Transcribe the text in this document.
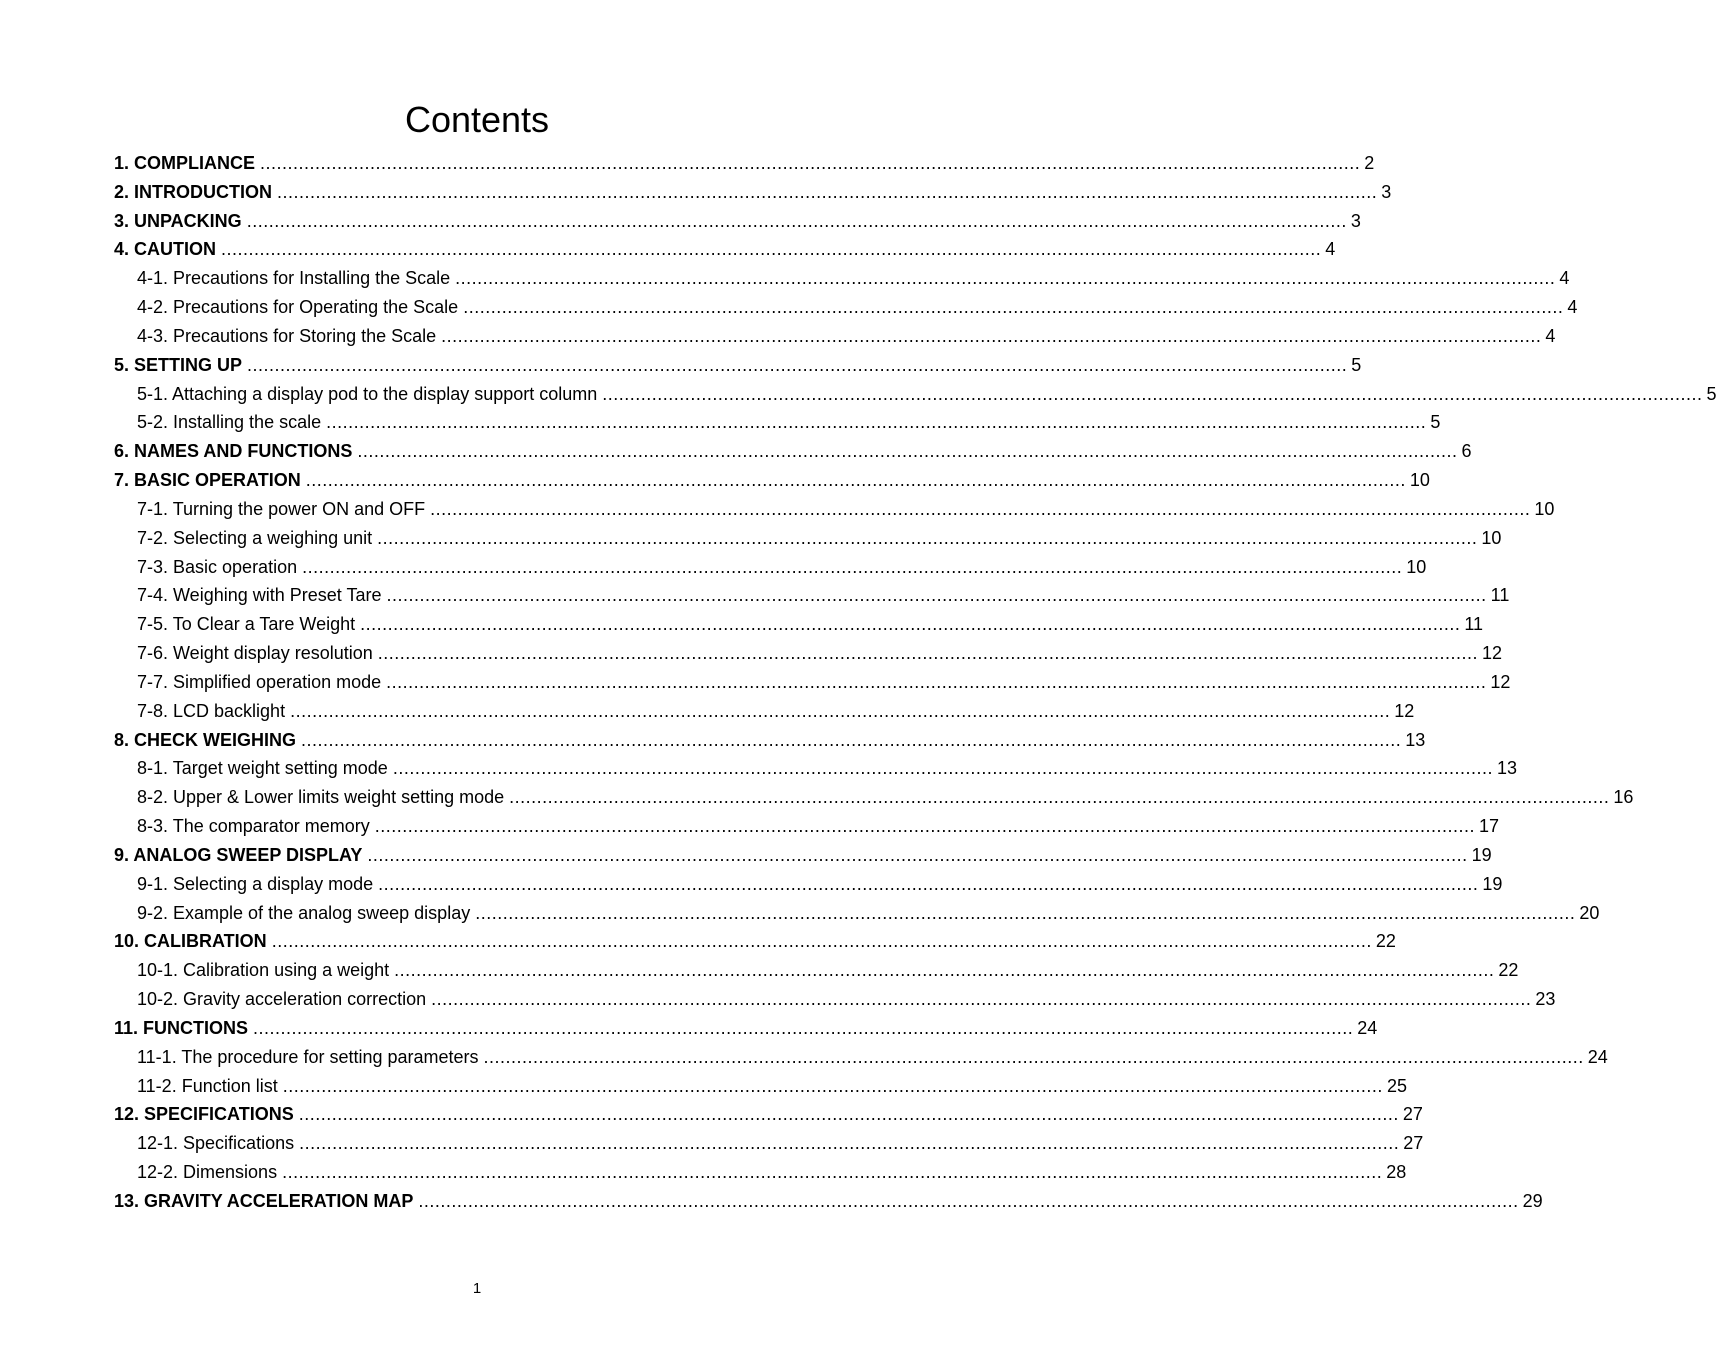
Contents
1. COMPLIANCE ........................................................................................................................................................................................................ 2
2. INTRODUCTION ........................................................................................................................................................................................................ 3
3. UNPACKING ........................................................................................................................................................................................................ 3
4. CAUTION ........................................................................................................................................................................................................ 4
4-1. Precautions for Installing the Scale ........................................................................................................................................................................................................ 4
4-2. Precautions for Operating the Scale ........................................................................................................................................................................................................ 4
4-3. Precautions for Storing the Scale ........................................................................................................................................................................................................ 4
5. SETTING UP ........................................................................................................................................................................................................ 5
5-1. Attaching a display pod to the display support column ........................................................................................................................................................................................................ 5
5-2. Installing the scale ........................................................................................................................................................................................................ 5
6. NAMES AND FUNCTIONS ........................................................................................................................................................................................................ 6
7. BASIC OPERATION ........................................................................................................................................................................................................ 10
7-1. Turning the power ON and OFF ........................................................................................................................................................................................................ 10
7-2. Selecting a weighing unit ........................................................................................................................................................................................................ 10
7-3. Basic operation ........................................................................................................................................................................................................ 10
7-4. Weighing with Preset Tare ........................................................................................................................................................................................................ 11
7-5. To Clear a Tare Weight ........................................................................................................................................................................................................ 11
7-6. Weight display resolution ........................................................................................................................................................................................................ 12
7-7. Simplified operation mode ........................................................................................................................................................................................................ 12
7-8. LCD backlight ........................................................................................................................................................................................................ 12
8. CHECK WEIGHING ........................................................................................................................................................................................................ 13
8-1. Target weight setting mode ........................................................................................................................................................................................................ 13
8-2. Upper & Lower limits weight setting mode ........................................................................................................................................................................................................ 16
8-3. The comparator memory ........................................................................................................................................................................................................ 17
9. ANALOG SWEEP DISPLAY ........................................................................................................................................................................................................ 19
9-1. Selecting a display mode ........................................................................................................................................................................................................ 19
9-2. Example of the analog sweep display ........................................................................................................................................................................................................ 20
10. CALIBRATION ........................................................................................................................................................................................................ 22
10-1. Calibration using a weight ........................................................................................................................................................................................................ 22
10-2. Gravity acceleration correction ........................................................................................................................................................................................................ 23
11. FUNCTIONS ........................................................................................................................................................................................................ 24
11-1. The procedure for setting parameters ........................................................................................................................................................................................................ 24
11-2. Function list ........................................................................................................................................................................................................ 25
12. SPECIFICATIONS ........................................................................................................................................................................................................ 27
12-1. Specifications ........................................................................................................................................................................................................ 27
12-2. Dimensions ........................................................................................................................................................................................................ 28
13. GRAVITY ACCELERATION MAP ........................................................................................................................................................................................................ 29
1
